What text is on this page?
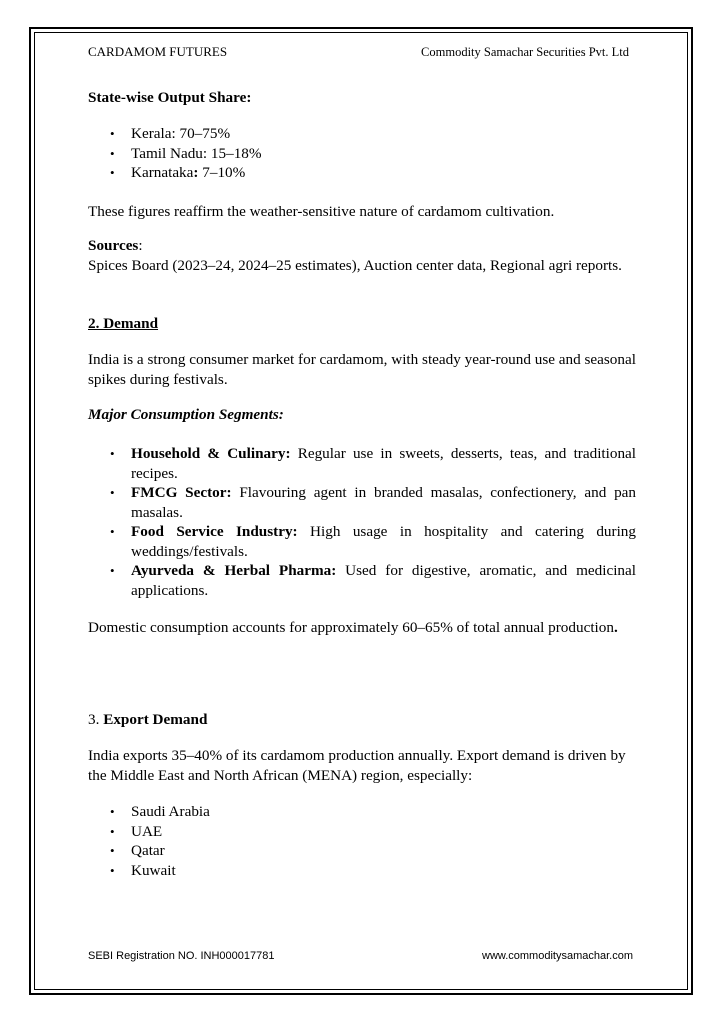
CARDAMOM FUTURES	Commodity Samachar Securities Pvt. Ltd
State-wise Output Share:
• Kerala: 70–75%
• Tamil Nadu: 15–18%
• Karnataka: 7–10%
These figures reaffirm the weather-sensitive nature of cardamom cultivation.
Sources:
Spices Board (2023–24, 2024–25 estimates), Auction center data, Regional agri reports.
2. Demand
India is a strong consumer market for cardamom, with steady year-round use and seasonal spikes during festivals.
Major Consumption Segments:
• Household & Culinary: Regular use in sweets, desserts, teas, and traditional recipes.
• FMCG Sector: Flavouring agent in branded masalas, confectionery, and pan masalas.
• Food Service Industry: High usage in hospitality and catering during weddings/festivals.
• Ayurveda & Herbal Pharma: Used for digestive, aromatic, and medicinal applications.
Domestic consumption accounts for approximately 60–65% of total annual production.
3. Export Demand
India exports 35–40% of its cardamom production annually. Export demand is driven by the Middle East and North African (MENA) region, especially:
• Saudi Arabia
• UAE
• Qatar
• Kuwait
SEBI Registration NO. INH000017781	www.commoditysamachar.com
